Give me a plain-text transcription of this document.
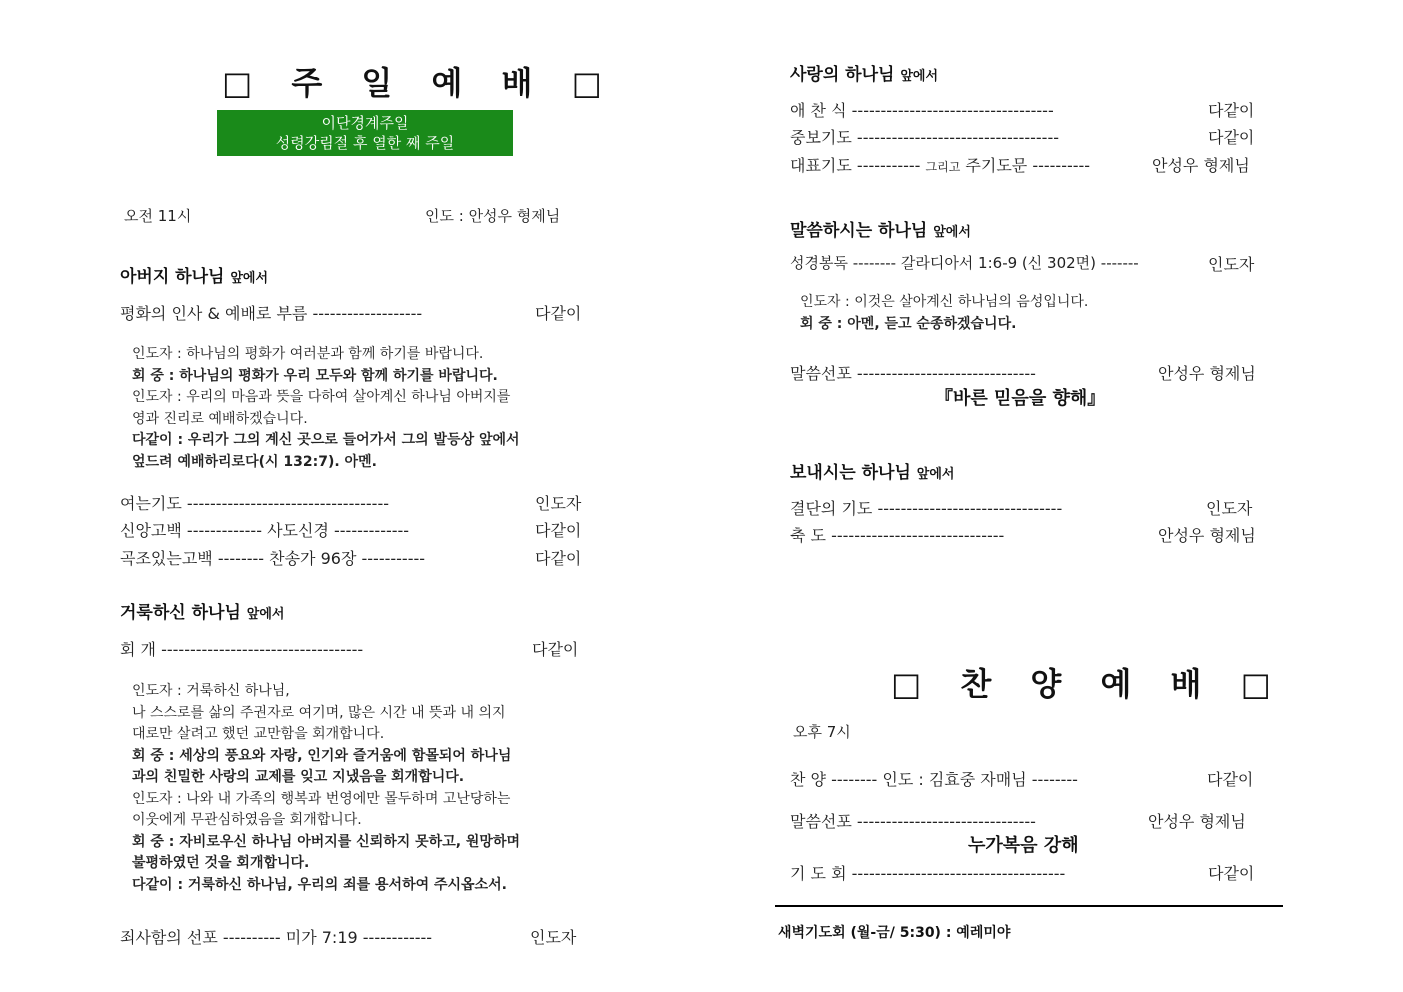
□ 주 일 예 배 □
이단경계주일
성령강림절 후 열한 째 주일
오전 11시	인도 : 안성우 형제님
아버지 하나님 앞에서
평화의 인사 & 예배로 부름 -------------------	다같이
인도자 : 하나님의 평화가 여러분과 함께 하기를 바랍니다.
회 중 : 하나님의 평화가 우리 모두와 함께 하기를 바랍니다.
인도자 : 우리의 마음과 뜻을 다하여 살아계신 하나님 아버지를
영과 진리로 예배하겠습니다.
다같이 : 우리가 그의 계신 곳으로 들어가서 그의 발등상 앞에서
엎드려 예배하리로다(시 132:7). 아멘.
여는기도 -----------------------------------	인도자
신앙고백 ------------- 사도신경 -------------	다같이
곡조있는고백 -------- 찬송가 96장 -----------	다같이
거룩하신 하나님 앞에서
회 개 -----------------------------------	다같이
인도자 : 거룩하신 하나님,
나 스스로를 삶의 주권자로 여기며, 많은 시간 내 뜻과 내 의지
대로만 살려고 했던 교만함을 회개합니다.
회 중 : 세상의 풍요와 자랑, 인기와 즐거움에 함몰되어 하나님
과의 친밀한 사랑의 교제를 잊고 지냈음을 회개합니다.
인도자 : 나와 내 가족의 행복과 번영에만 몰두하며 고난당하는
이웃에게 무관심하였음을 회개합니다.
회 중 : 자비로우신 하나님 아버지를 신뢰하지 못하고, 원망하며
불평하였던 것을 회개합니다.
다같이 : 거룩하신 하나님, 우리의 죄를 용서하여 주시옵소서.
죄사함의 선포 ---------- 미가 7:19 ------------	인도자
사랑의 하나님 앞에서
애 찬 식 -----------------------------------	다같이
중보기도 -----------------------------------	다같이
대표기도 ----------- 그리고 주기도문 ----------	안성우 형제님
말씀하시는 하나님 앞에서
성경봉독 -------- 갈라디아서 1:6-9 (신 302면) -------	인도자
인도자 : 이것은 살아계신 하나님의 음성입니다.
회 중 : 아멘, 듣고 순종하겠습니다.
말씀선포 -------------------------------	안성우 형제님
『바른 믿음을 향해』
보내시는 하나님 앞에서
결단의 기도 --------------------------------	인도자
축 도 ------------------------------	안성우 형제님
□ 찬 양 예 배 □
오후 7시
찬 양 -------- 인도 : 김효중 자매님 --------	다같이
말씀선포 -------------------------------	안성우 형제님
누가복음 강해
기 도 회 -------------------------------------	다같이
새벽기도회 (월-금/ 5:30) : 예레미야
